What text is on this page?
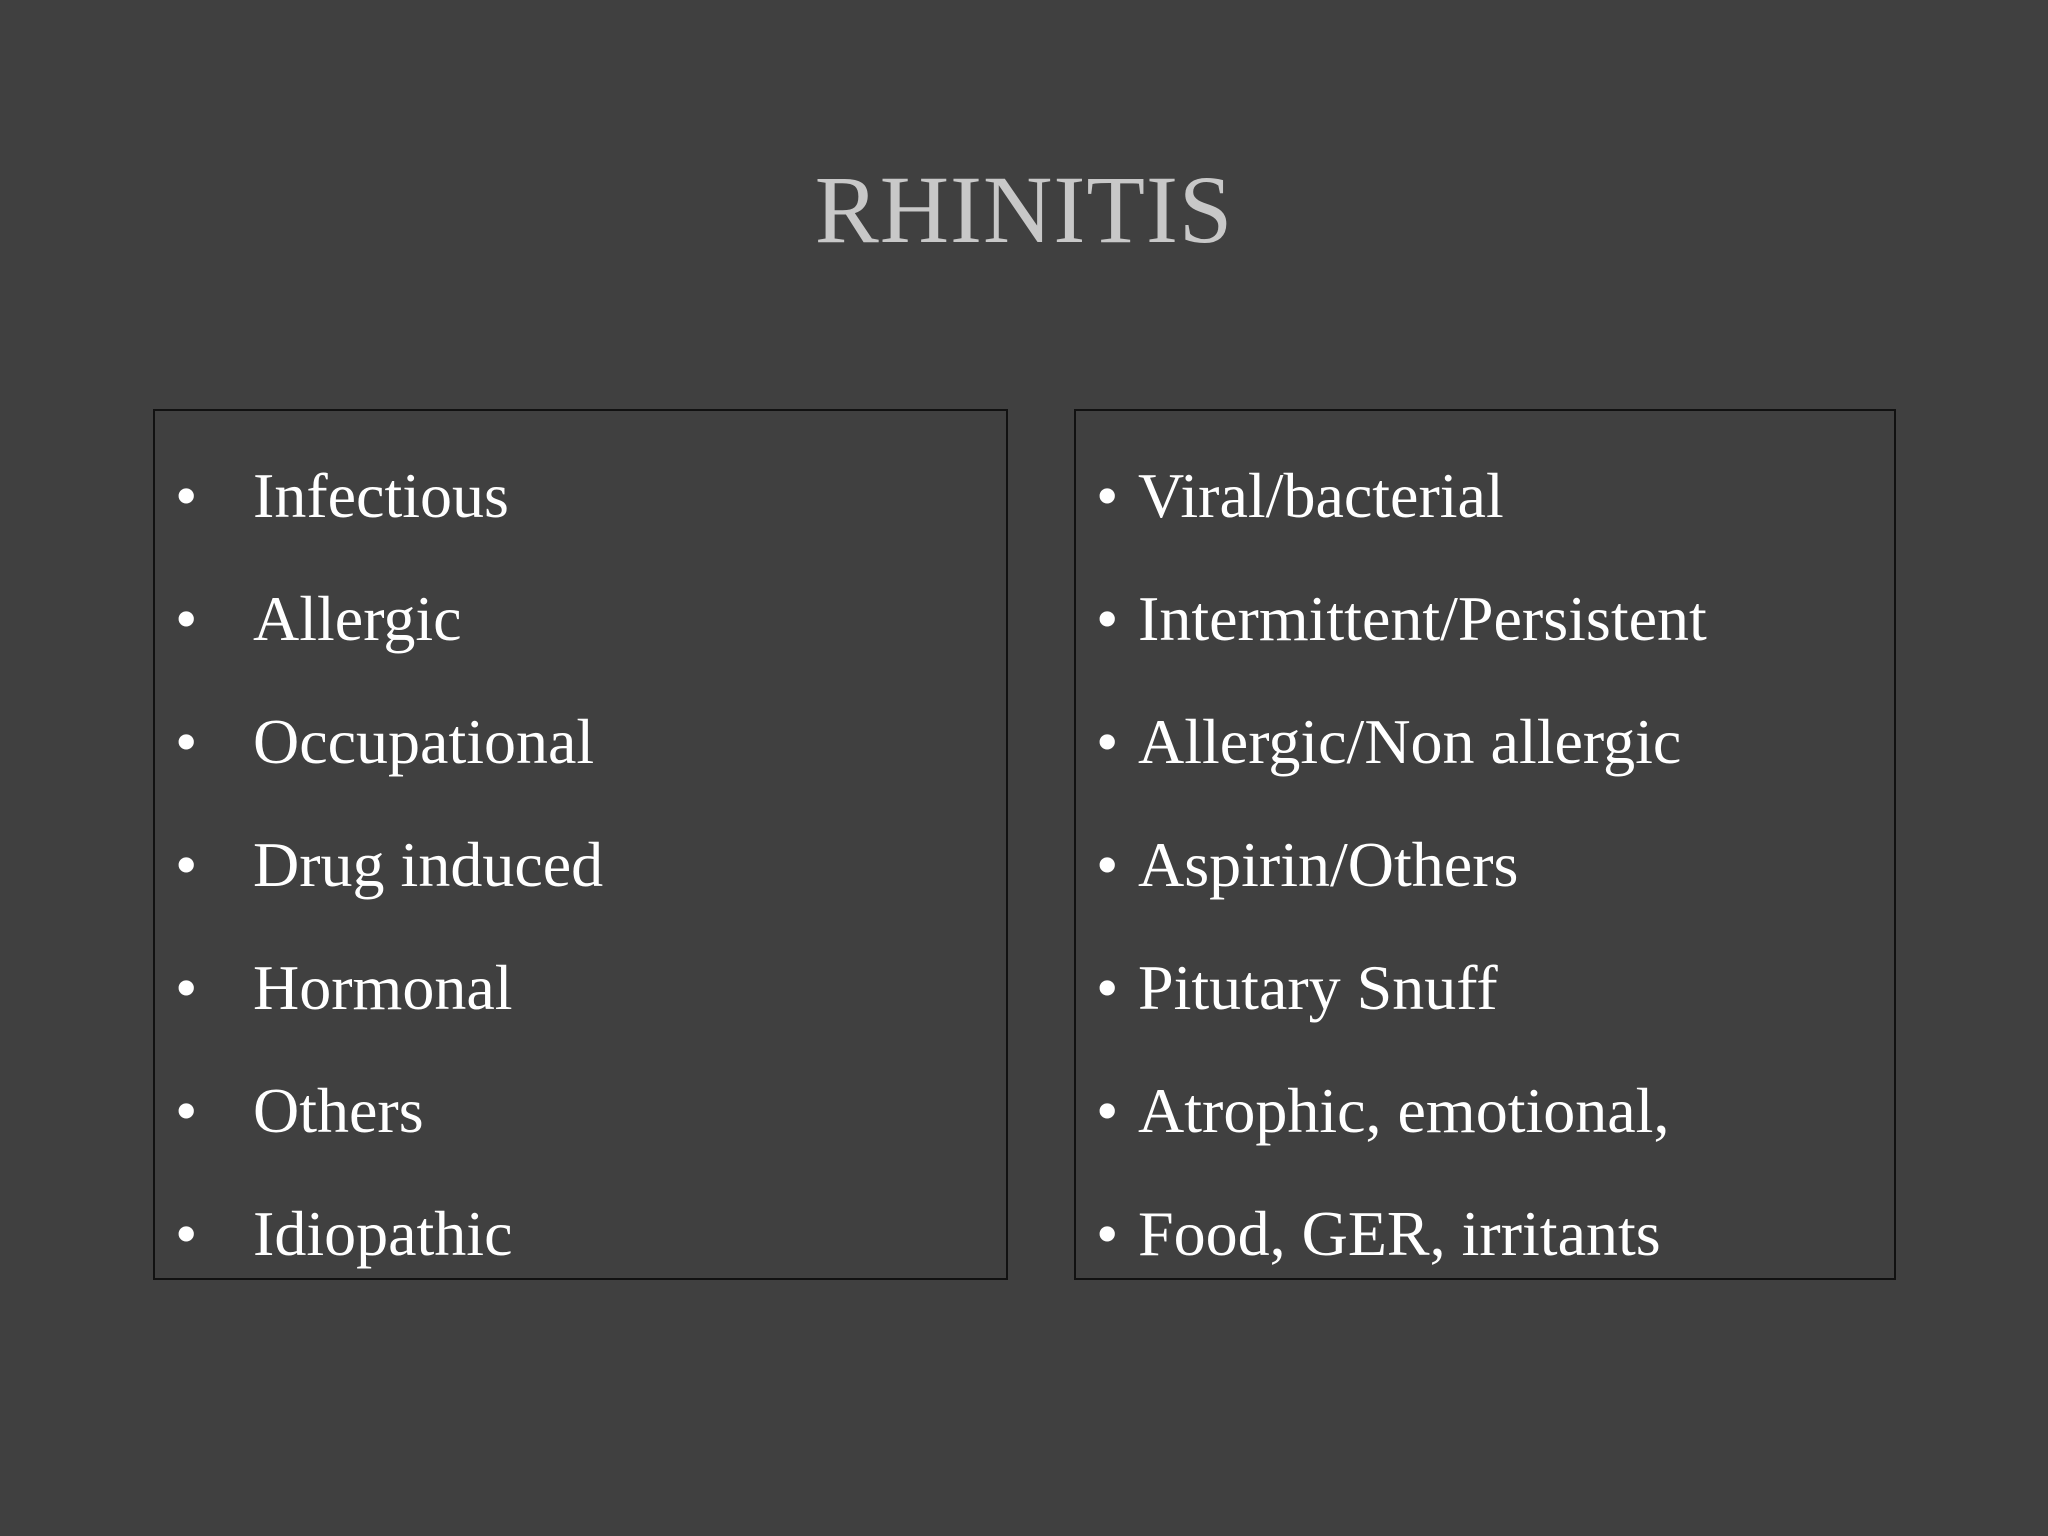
RHINITIS
• Infectious
• Allergic
• Occupational
• Drug induced
• Hormonal
• Others
• Idiopathic
• Viral/bacterial
• Intermittent/Persistent
• Allergic/Non allergic
• Aspirin/Others
• Pitutary Snuff
• Atrophic, emotional,
• Food, GER, irritants
